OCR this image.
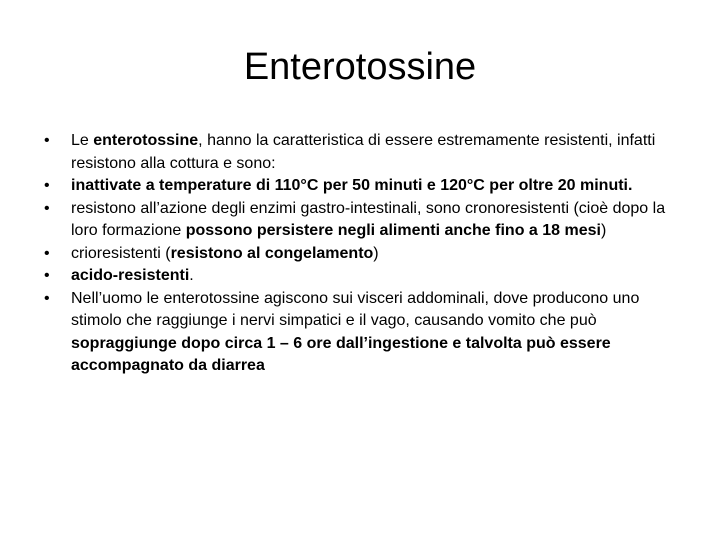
Enterotossine
•	Le enterotossine, hanno la caratteristica di essere estremamente resistenti, infatti resistono alla cottura e sono:
•	inattivate a temperature di 110°C per 50 minuti e 120°C per oltre 20 minuti.
•	resistono all’azione degli enzimi gastro‑intestinali, sono cronoresistenti (cioè dopo la loro formazione possono persistere negli alimenti anche fino a 18 mesi)
•	crioresistenti (resistono al congelamento)
•	acido-resistenti.
•	Nell’uomo le enterotossine agiscono sui visceri addominali, dove producono uno stimolo che raggiunge i nervi simpatici e il vago, causando vomito che può sopraggiunge dopo circa 1 – 6 ore dall’ingestione e talvolta può essere accompagnato da diarrea
